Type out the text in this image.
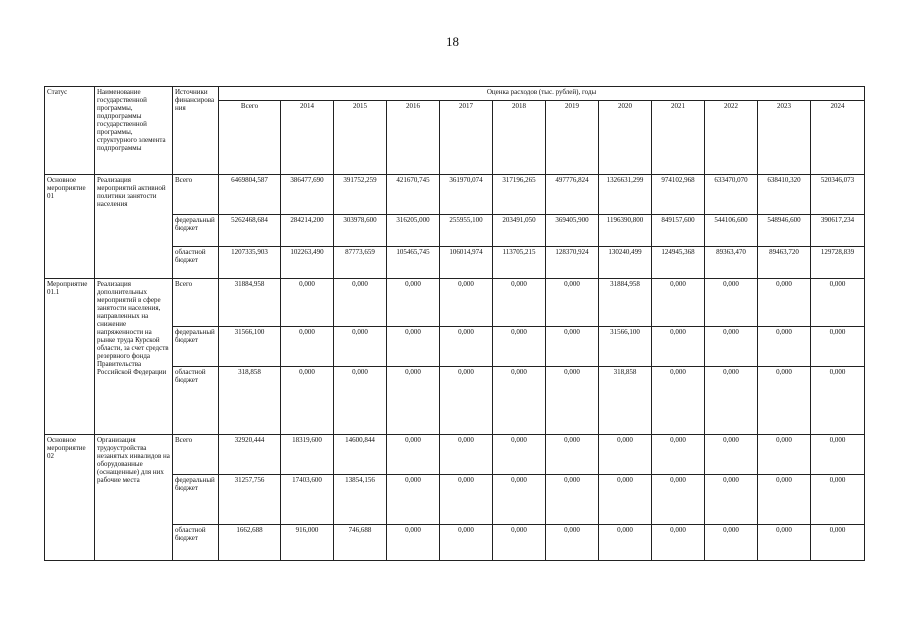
18
Статус	Наименование государственной программы, подпрограммы государственной программы, структурного элемента подпрограммы	Источники финансирования	Оценка расходов (тыс. рублей), годы											
			Всего	2014	2015	2016	2017	2018	2019	2020	2021	2022	2023	2024
Основное мероприятие 01	Реализация мероприятий активной политики занятости населения	Всего	6469804,587	386477,690	391752,259	421670,745	361970,074	317196,265	497776,824	1326631,299	974102,968	633470,070	638410,320	520346,073
		федеральный бюджет	5262468,684	284214,200	303978,600	316205,000	255955,100	203491,050	369405,900	1196390,800	849157,600	544106,600	548946,600	390617,234
		областной бюджет	1207335,903	102263,490	87773,659	105465,745	106014,974	113705,215	128370,924	130240,499	124945,368	89363,470	89463,720	129728,839
Мероприятие 01.1	Реализация дополнительных мероприятий в сфере занятости населения, направленных на снижение напряженности на рынке труда Курской области, за счет средств резервного фонда Правительства Российской Федерации	Всего	31884,958	0,000	0,000	0,000	0,000	0,000	0,000	31884,958	0,000	0,000	0,000	0,000
		федеральный бюджет	31566,100	0,000	0,000	0,000	0,000	0,000	0,000	31566,100	0,000	0,000	0,000	0,000
		областной бюджет	318,858	0,000	0,000	0,000	0,000	0,000	0,000	318,858	0,000	0,000	0,000	0,000
Основное мероприятие 02	Организация трудоустройства незанятых инвалидов на оборудованные (оснащенные) для них рабочие места	Всего	32920,444	18319,600	14600,844	0,000	0,000	0,000	0,000	0,000	0,000	0,000	0,000	0,000
		федеральный бюджет	31257,756	17403,600	13854,156	0,000	0,000	0,000	0,000	0,000	0,000	0,000	0,000	0,000
		областной бюджет	1662,688	916,000	746,688	0,000	0,000	0,000	0,000	0,000	0,000	0,000	0,000	0,000
